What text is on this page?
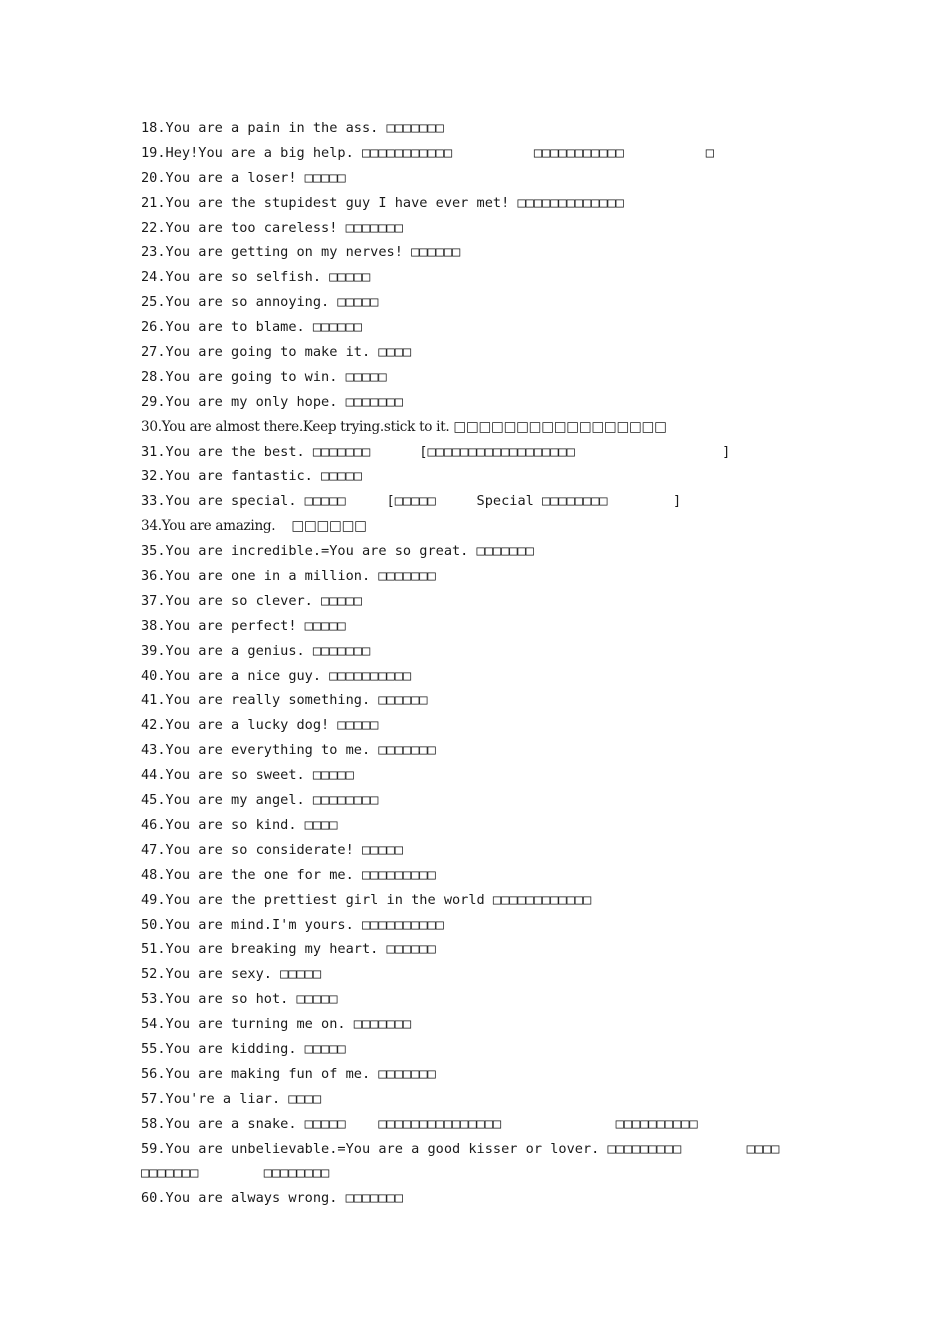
18.You are a pain in the ass. □□□□□□□
19.Hey!You are a big help. □□□□□□□□□□□          □□□□□□□□□□□          □
20.You are a loser! □□□□□
21.You are the stupidest guy I have ever met! □□□□□□□□□□□□□
22.You are too careless! □□□□□□□
23.You are getting on my nerves! □□□□□□
24.You are so selfish. □□□□□
25.You are so annoying. □□□□□
26.You are to blame. □□□□□□
27.You are going to make it. □□□□
28.You are going to win. □□□□□
29.You are my only hope. □□□□□□□
30.You are almost there.Keep trying.stick to it. □□□□□□□□□□□□□□□□□
31.You are the best. □□□□□□□      [□□□□□□□□□□□□□□□□□□                  ]
32.You are fantastic. □□□□□
33.You are special. □□□□□     [□□□□□     Special □□□□□□□□        ]
34.You are amazing.    □□□□□□
35.You are incredible.=You are so great. □□□□□□□
36.You are one in a million. □□□□□□□
37.You are so clever. □□□□□
38.You are perfect! □□□□□
39.You are a genius. □□□□□□□
40.You are a nice guy. □□□□□□□□□□
41.You are really something. □□□□□□
42.You are a lucky dog! □□□□□
43.You are everything to me. □□□□□□□
44.You are so sweet. □□□□□
45.You are my angel. □□□□□□□□
46.You are so kind. □□□□
47.You are so considerate! □□□□□
48.You are the one for me. □□□□□□□□□
49.You are the prettiest girl in the world □□□□□□□□□□□□
50.You are mind.I'm yours. □□□□□□□□□□
51.You are breaking my heart. □□□□□□
52.You are sexy. □□□□□
53.You are so hot. □□□□□
54.You are turning me on. □□□□□□□
55.You are kidding. □□□□□
56.You are making fun of me. □□□□□□□
57.You're a liar. □□□□
58.You are a snake. □□□□□    □□□□□□□□□□□□□□□              □□□□□□□□□□
59.You are unbelievable.=You are a good kisser or lover. □□□□□□□□□        □□□□
□□□□□□□        □□□□□□□□
60.You are always wrong. □□□□□□□
